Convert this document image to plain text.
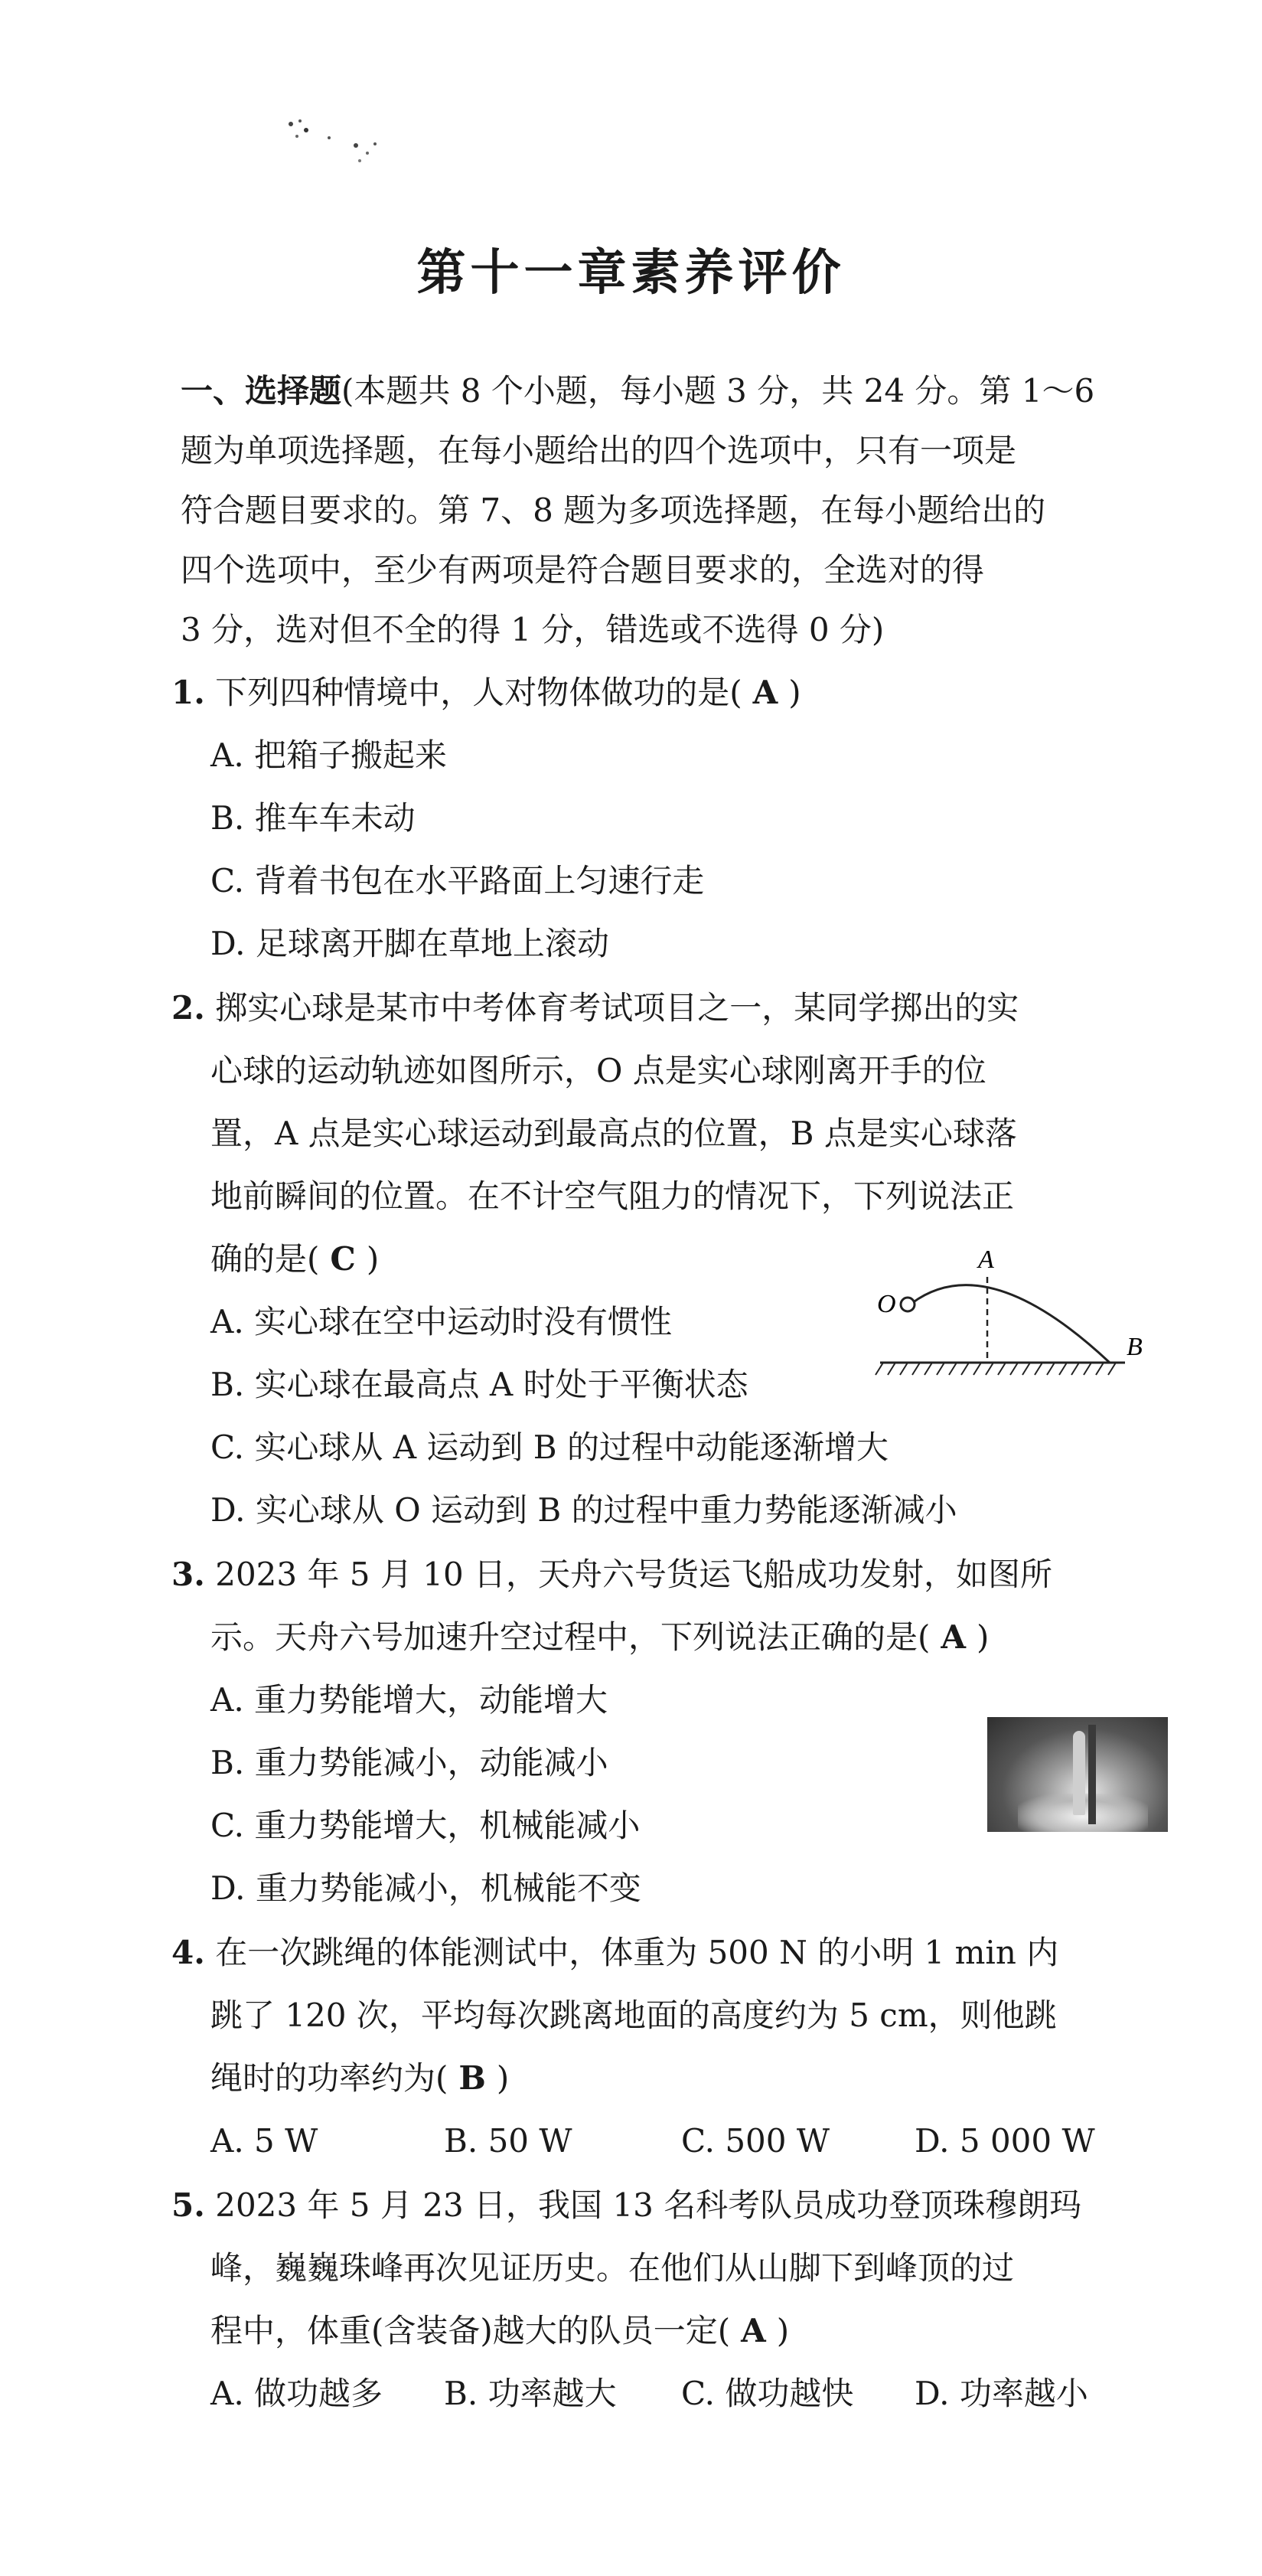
第十一章素养评价
一、选择题(本题共 8 个小题，每小题 3 分，共 24 分。第 1～6
题为单项选择题，在每小题给出的四个选项中，只有一项是
符合题目要求的。第 7、8 题为多项选择题，在每小题给出的
四个选项中，至少有两项是符合题目要求的，全选对的得
3 分，选对但不全的得 1 分，错选或不选得 0 分)
1. 下列四种情境中，人对物体做功的是( A )
A. 把箱子搬起来
B. 推车车未动
C. 背着书包在水平路面上匀速行走
D. 足球离开脚在草地上滚动
2. 掷实心球是某市中考体育考试项目之一，某同学掷出的实
心球的运动轨迹如图所示，O 点是实心球刚离开手的位
置，A 点是实心球运动到最高点的位置，B 点是实心球落
地前瞬间的位置。在不计空气阻力的情况下，下列说法正
确的是( C )
A. 实心球在空中运动时没有惯性
B. 实心球在最高点 A 时处于平衡状态
C. 实心球从 A 运动到 B 的过程中动能逐渐增大
D. 实心球从 O 运动到 B 的过程中重力势能逐渐减小
O
A
B
3. 2023 年 5 月 10 日，天舟六号货运飞船成功发射，如图所
示。天舟六号加速升空过程中，下列说法正确的是( A )
A. 重力势能增大，动能增大
B. 重力势能减小，动能减小
C. 重力势能增大，机械能减小
D. 重力势能减小，机械能不变
4. 在一次跳绳的体能测试中，体重为 500 N 的小明 1 min 内
跳了 120 次，平均每次跳离地面的高度约为 5 cm，则他跳
绳时的功率约为( B )
A. 5 W	B. 50 W	C. 500 W	D. 5 000 W
5. 2023 年 5 月 23 日，我国 13 名科考队员成功登顶珠穆朗玛
峰，巍巍珠峰再次见证历史。在他们从山脚下到峰顶的过
程中，体重(含装备)越大的队员一定( A )
A. 做功越多 B. 功率越大 C. 做功越快 D. 功率越小
